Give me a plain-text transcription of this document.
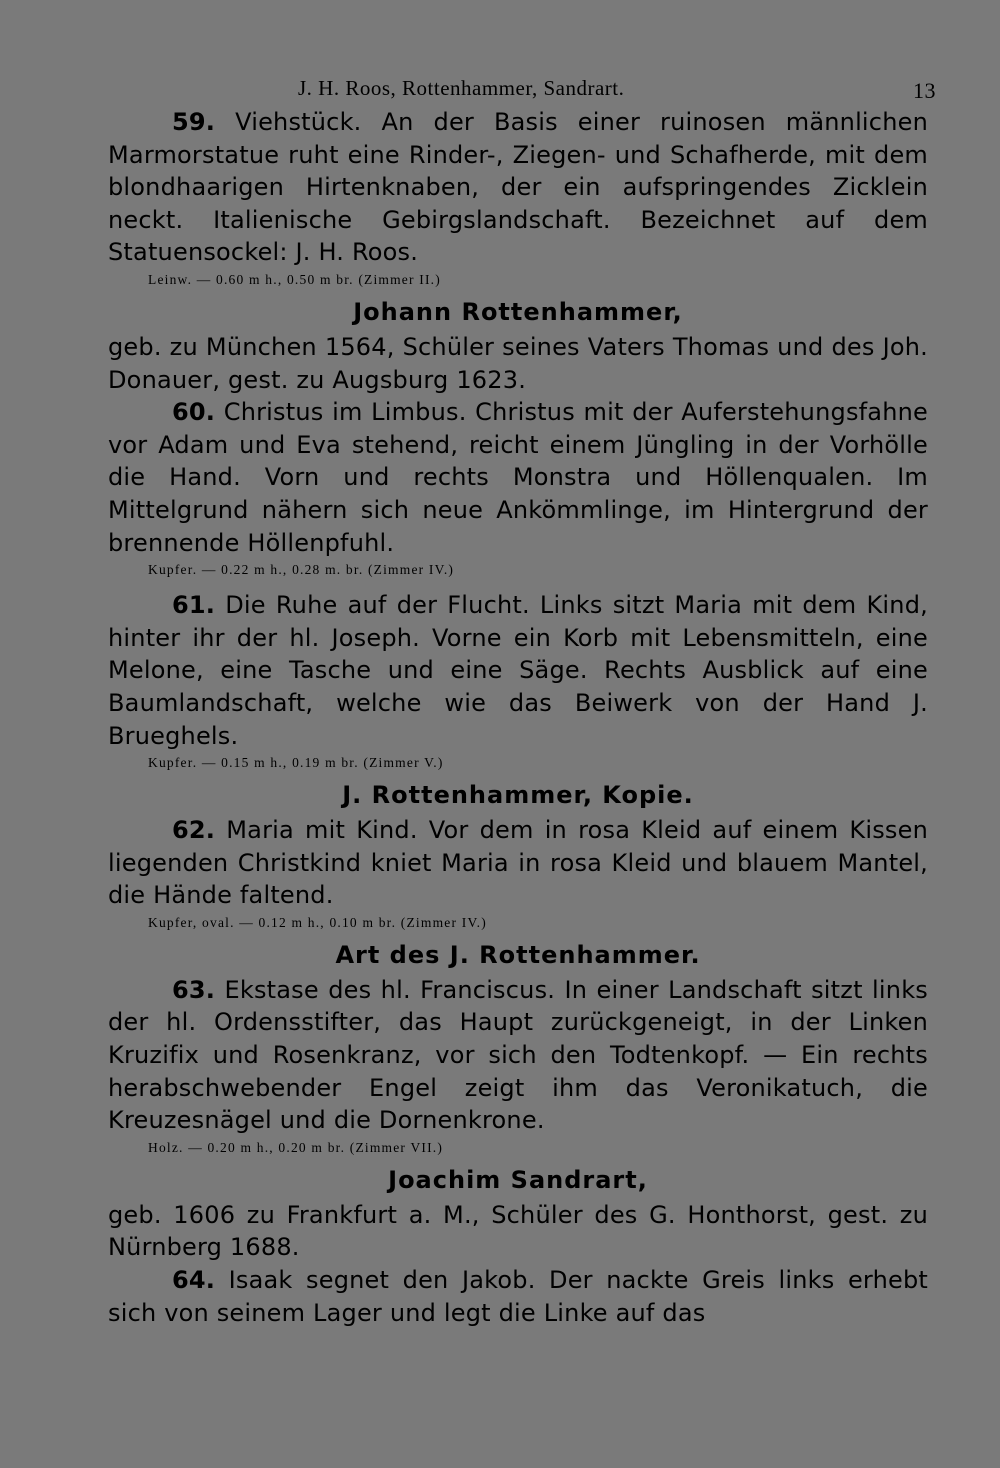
J. H. Roos, Rottenhammer, Sandrart.	13

59. Viehstück. An der Basis einer ruinosen männlichen Marmorstatue ruht eine Rinder-, Ziegen- und Schafherde, mit dem blondhaarigen Hirtenknaben, der ein aufspringendes Zicklein neckt. Italienische Gebirgslandschaft. Bezeichnet auf dem Statuensockel: J. H. Roos.

Leinw. — 0.60 m h., 0.50 m br. (Zimmer II.)

Johann Rottenhammer,

geb. zu München 1564, Schüler seines Vaters Thomas und des Joh. Donauer, gest. zu Augsburg 1623.

60. Christus im Limbus. Christus mit der Auferstehungsfahne vor Adam und Eva stehend, reicht einem Jüngling in der Vorhölle die Hand. Vorn und rechts Monstra und Höllenqualen. Im Mittelgrund nähern sich neue Ankömmlinge, im Hintergrund der brennende Höllenpfuhl.

Kupfer. — 0.22 m h., 0.28 m. br. (Zimmer IV.)

61. Die Ruhe auf der Flucht. Links sitzt Maria mit dem Kind, hinter ihr der hl. Joseph. Vorne ein Korb mit Lebensmitteln, eine Melone, eine Tasche und eine Säge. Rechts Ausblick auf eine Baumlandschaft, welche wie das Beiwerk von der Hand J. Brueghels.

Kupfer. — 0.15 m h., 0.19 m br. (Zimmer V.)

J. Rottenhammer, Kopie.

62. Maria mit Kind. Vor dem in rosa Kleid auf einem Kissen liegenden Christkind kniet Maria in rosa Kleid und blauem Mantel, die Hände faltend.

Kupfer, oval. — 0.12 m h., 0.10 m br. (Zimmer IV.)

Art des J. Rottenhammer.

63. Ekstase des hl. Franciscus. In einer Landschaft sitzt links der hl. Ordensstifter, das Haupt zurückgeneigt, in der Linken Kruzifix und Rosenkranz, vor sich den Todtenkopf. — Ein rechts herabschwebender Engel zeigt ihm das Veronikatuch, die Kreuzesnägel und die Dornenkrone.

Holz. — 0.20 m h., 0.20 m br. (Zimmer VII.)

Joachim Sandrart,

geb. 1606 zu Frankfurt a. M., Schüler des G. Honthorst, gest. zu Nürnberg 1688.

64. Isaak segnet den Jakob. Der nackte Greis links erhebt sich von seinem Lager und legt die Linke auf das
